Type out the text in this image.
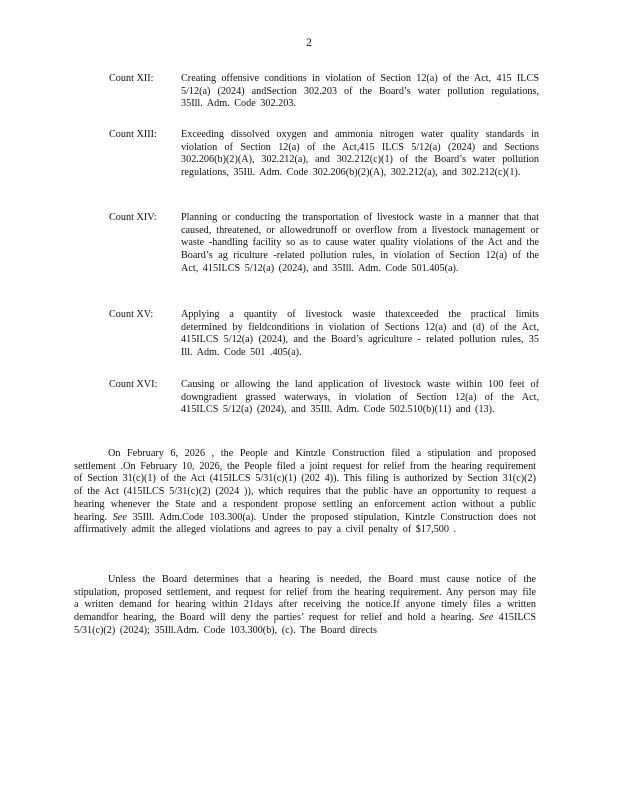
2
Count XII:	Creating offensive conditions in violation of Section 12(a) of the Act, 415 ILCS 5/12(a) (2024) andSection 302.203 of the Board’s water pollution regulations, 35Ill. Adm. Code 302.203.
Count XIII:	Exceeding dissolved oxygen and ammonia nitrogen water quality standards in violation of Section 12(a) of the Act,415 ILCS 5/12(a) (2024) and Sections 302.206(b)(2)(A), 302.212(a), and 302.212(c)(1) of the Board’s water pollution regulations, 35Ill. Adm. Code 302.206(b)(2)(A), 302.212(a), and 302.212(c)(1).
Count XIV:	Planning or conducting the transportation of livestock waste in a manner that that caused, threatened, or allowedrunoff or overflow from a livestock management or waste -handling facility so as to cause water quality violations of the Act and the Board’s ag riculture -related pollution rules, in violation of Section 12(a) of the Act, 415ILCS 5/12(a) (2024), and 35Ill. Adm. Code 501.405(a).
Count XV:	Applying a quantity of livestock waste thatexceeded the practical limits determined by fieldconditions in violation of Sections 12(a) and (d) of the Act, 415ILCS 5/12(a) (2024), and the Board’s agriculture - related pollution rules, 35 Ill. Adm. Code 501 .405(a).
Count XVI:	Causing or allowing the land application of livestock waste within 100 feet of downgradient grassed waterways, in violation of Section 12(a) of the Act, 415ILCS 5/12(a) (2024), and 35Ill. Adm. Code 502.510(b)(11) and (13).
On February 6, 2026 , the People and Kintzle Construction filed a stipulation and proposed settlement .On February 10, 2026, the People filed a joint request for relief from the hearing requirement of Section 31(c)(1) of the Act (415ILCS 5/31(c)(1) (202 4)). This filing is authorized by Section 31(c)(2) of the Act (415ILCS 5/31(c)(2) (2024 )), which requires that the public have an opportunity to request a hearing whenever the State and a respondent propose settling an enforcement action without a public hearing. See 35Ill. Adm.Code 103.300(a). Under the proposed stipulation, Kintzle Construction does not affirmatively admit the alleged violations and agrees to pay a civil penalty of $17,500 .
Unless the Board determines that a hearing is needed, the Board must cause notice of the stipulation, proposed settlement, and request for relief from the hearing requirement. Any person may file a written demand for hearing within 21days after receiving the notice.If anyone timely files a written demandfor hearing, the Board will deny the parties’ request for relief and hold a hearing. See 415ILCS 5/31(c)(2) (2024); 35Ill.Adm. Code 103.300(b), (c). The Board directs
